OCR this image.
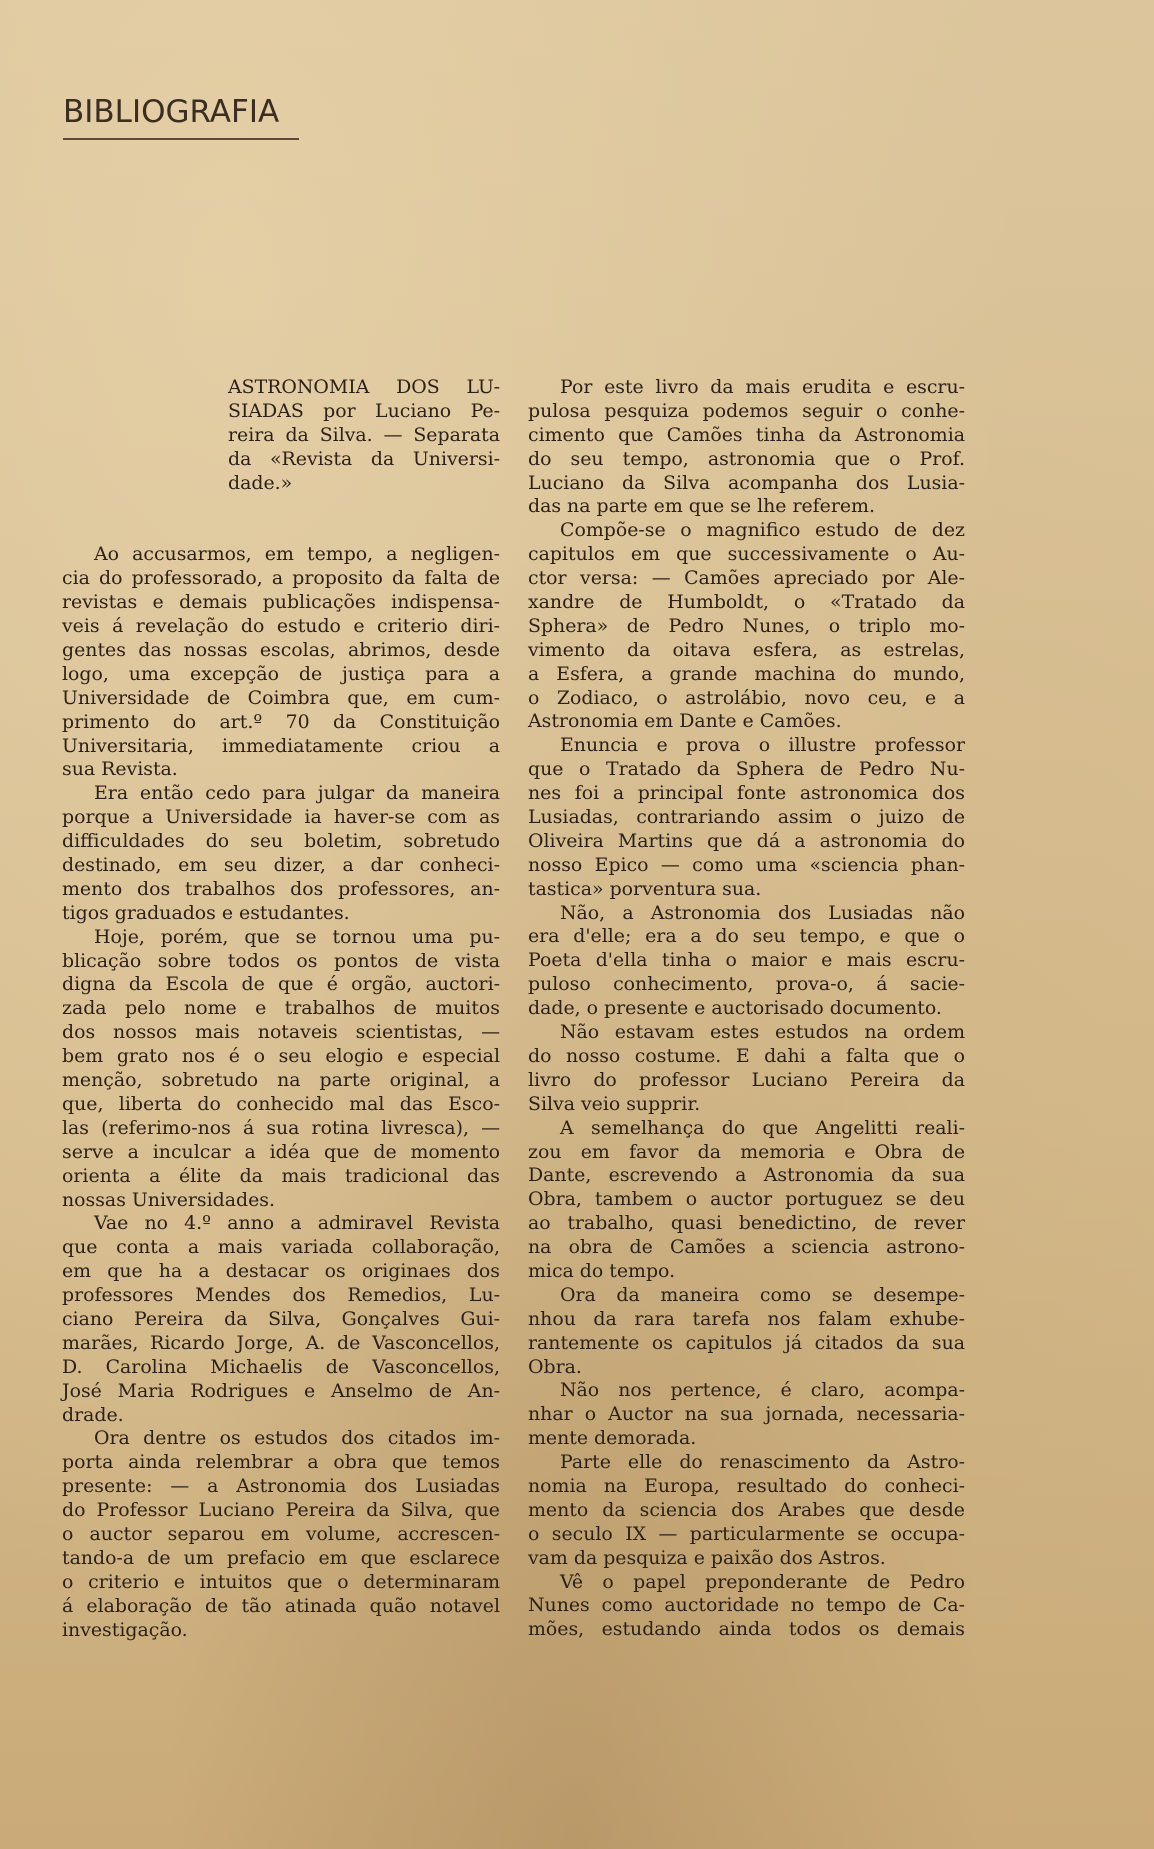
BIBLIOGRAFIA
ASTRONOMIA DOS LU-
SIADAS por Luciano Pe-
reira da Silva. — Separata
da «Revista da Universi-
dade.»
Ao accusarmos, em tempo, a negligen-
cia do professorado, a proposito da falta de
revistas e demais publicações indispensa-
veis á revelação do estudo e criterio diri-
gentes das nossas escolas, abrimos, desde
logo, uma excepção de justiça para a
Universidade de Coimbra que, em cum-
primento do art.º 70 da Constituição
Universitaria, immediatamente criou a
sua Revista.
Era então cedo para julgar da maneira
porque a Universidade ia haver-se com as
difficuldades do seu boletim, sobretudo
destinado, em seu dizer, a dar conheci-
mento dos trabalhos dos professores, an-
tigos graduados e estudantes.
Hoje, porém, que se tornou uma pu-
blicação sobre todos os pontos de vista
digna da Escola de que é orgão, auctori-
zada pelo nome e trabalhos de muitos
dos nossos mais notaveis scientistas, —
bem grato nos é o seu elogio e especial
menção, sobretudo na parte original, a
que, liberta do conhecido mal das Esco-
las (referimo-nos á sua rotina livresca), —
serve a inculcar a idéa que de momento
orienta a élite da mais tradicional das
nossas Universidades.
Vae no 4.º anno a admiravel Revista
que conta a mais variada collaboração,
em que ha a destacar os originaes dos
professores Mendes dos Remedios, Lu-
ciano Pereira da Silva, Gonçalves Gui-
marães, Ricardo Jorge, A. de Vasconcellos,
D. Carolina Michaelis de Vasconcellos,
José Maria Rodrigues e Anselmo de An-
drade.
Ora dentre os estudos dos citados im-
porta ainda relembrar a obra que temos
presente: — a Astronomia dos Lusiadas
do Professor Luciano Pereira da Silva, que
o auctor separou em volume, accrescen-
tando-a de um prefacio em que esclarece
o criterio e intuitos que o determinaram
á elaboração de tão atinada quão notavel
investigação.
Por este livro da mais erudita e escru-
pulosa pesquiza podemos seguir o conhe-
cimento que Camões tinha da Astronomia
do seu tempo, astronomia que o Prof.
Luciano da Silva acompanha dos Lusia-
das na parte em que se lhe referem.
Compõe-se o magnifico estudo de dez
capitulos em que successivamente o Au-
ctor versa: — Camões apreciado por Ale-
xandre de Humboldt, o «Tratado da
Sphera» de Pedro Nunes, o triplo mo-
vimento da oitava esfera, as estrelas,
a Esfera, a grande machina do mundo,
o Zodiaco, o astrolábio, novo ceu, e a
Astronomia em Dante e Camões.
Enuncia e prova o illustre professor
que o Tratado da Sphera de Pedro Nu-
nes foi a principal fonte astronomica dos
Lusiadas, contrariando assim o juizo de
Oliveira Martins que dá a astronomia do
nosso Epico — como uma «sciencia phan-
tastica» porventura sua.
Não, a Astronomia dos Lusiadas não
era d'elle; era a do seu tempo, e que o
Poeta d'ella tinha o maior e mais escru-
puloso conhecimento, prova-o, á sacie-
dade, o presente e auctorisado documento.
Não estavam estes estudos na ordem
do nosso costume. E dahi a falta que o
livro do professor Luciano Pereira da
Silva veio supprir.
A semelhança do que Angelitti reali-
zou em favor da memoria e Obra de
Dante, escrevendo a Astronomia da sua
Obra, tambem o auctor portuguez se deu
ao trabalho, quasi benedictino, de rever
na obra de Camões a sciencia astrono-
mica do tempo.
Ora da maneira como se desempe-
nhou da rara tarefa nos falam exhube-
rantemente os capitulos já citados da sua
Obra.
Não nos pertence, é claro, acompa-
nhar o Auctor na sua jornada, necessaria-
mente demorada.
Parte elle do renascimento da Astro-
nomia na Europa, resultado do conheci-
mento da sciencia dos Arabes que desde
o seculo IX — particularmente se occupa-
vam da pesquiza e paixão dos Astros.
Vê o papel preponderante de Pedro
Nunes como auctoridade no tempo de Ca-
mões, estudando ainda todos os demais
